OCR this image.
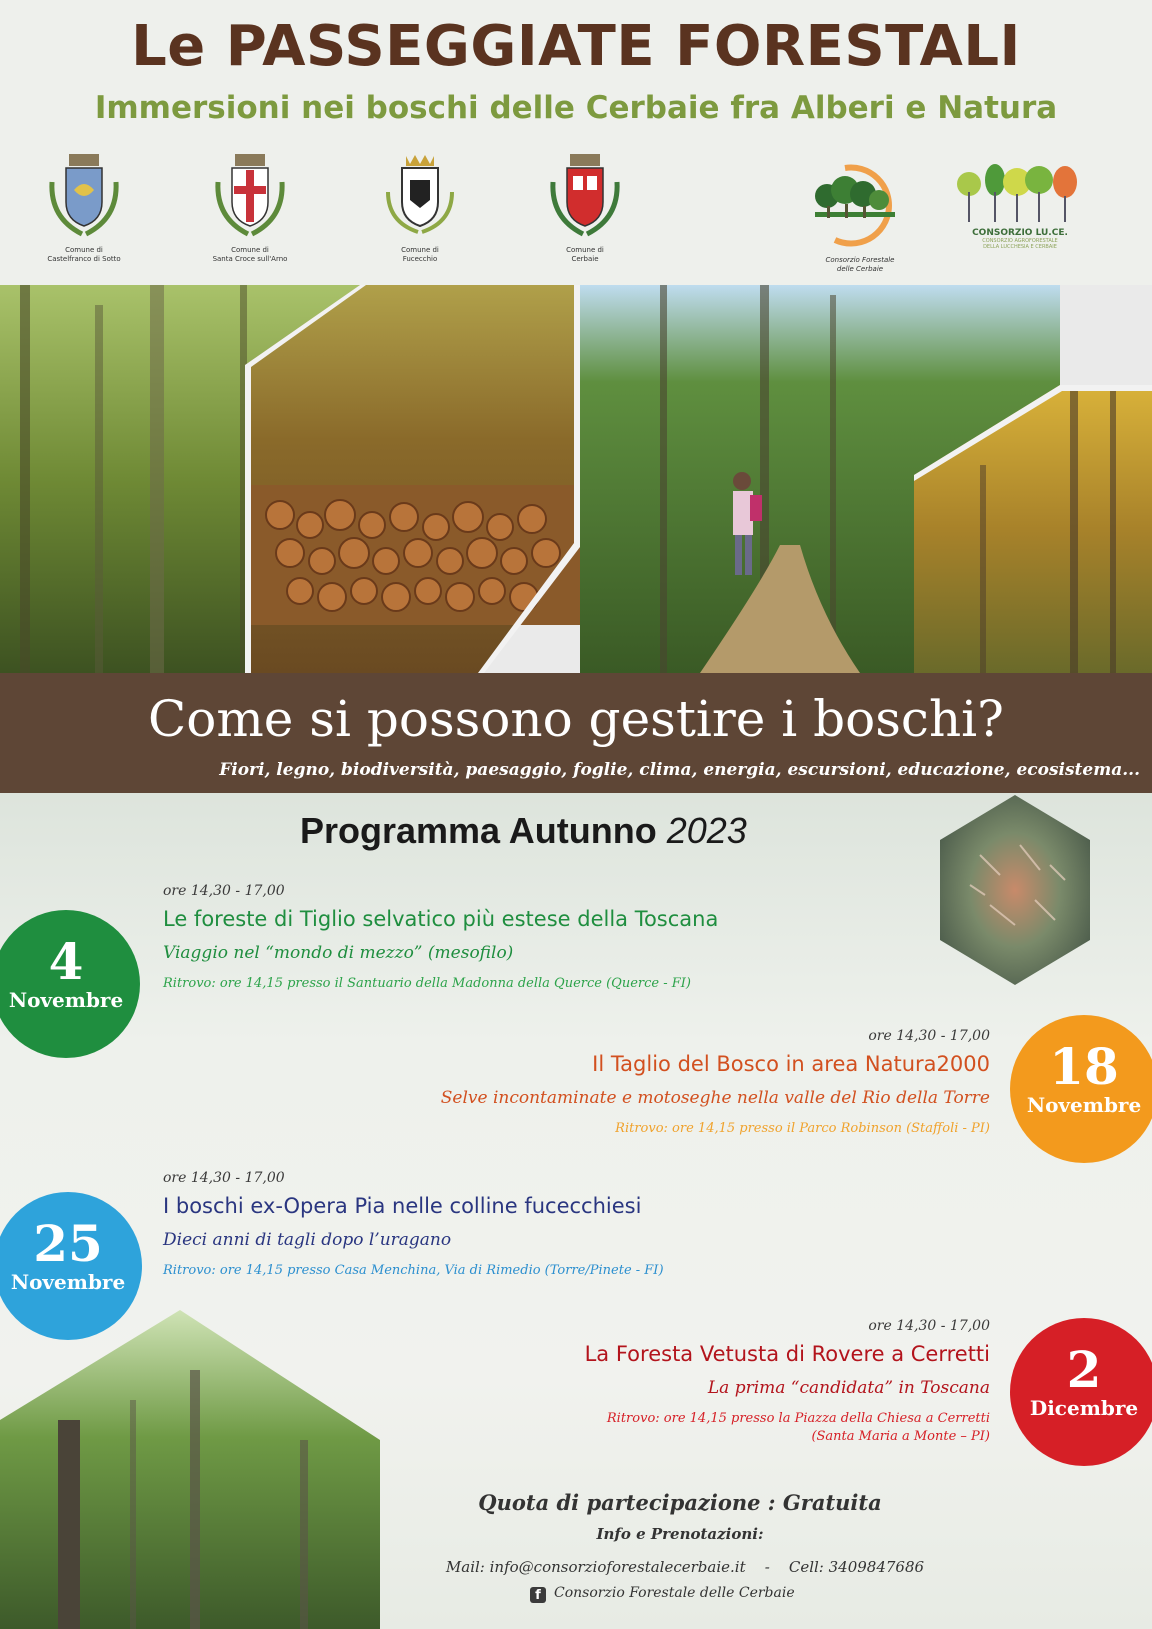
Le PASSEGGIATE FORESTALI
Immersioni nei boschi delle Cerbaie fra Alberi e Natura
Comune di
Castelfranco di Sotto
Comune di
Santa Croce sull'Arno
Comune di
Fucecchio
Comune di
Cerbaie	Consorzio Forestale
delle Cerbaie
CONSORZIO LU.CE.
CONSORZIO AGROFORESTALE
DELLA LUCCHESIA E CERBAIE
Come si possono gestire i boschi?
Fiori, legno, biodiversità, paesaggio, foglie, clima, energia, escursioni, educazione, ecosistema...
Programma Autunno 2023
4
Novembre
ore 14,30 - 17,00
Le foreste di Tiglio selvatico più estese della Toscana
Viaggio nel “mondo di mezzo” (mesofilo)
Ritrovo: ore 14,15 presso il Santuario della Madonna della Querce (Querce - FI)
18
Novembre
ore 14,30 - 17,00
Il Taglio del Bosco in area Natura2000
Selve incontaminate e motoseghe nella valle del Rio della Torre
Ritrovo: ore 14,15 presso il Parco Robinson (Staffoli - PI)
25
Novembre
ore 14,30 - 17,00
I boschi ex-Opera Pia nelle colline fucecchiesi
Dieci anni di tagli dopo l’uragano
Ritrovo: ore 14,15 presso Casa Menchina, Via di Rimedio (Torre/Pinete - FI)
2
Dicembre
ore 14,30 - 17,00
La Foresta Vetusta di Rovere a Cerretti
La prima “candidata” in Toscana
Ritrovo: ore 14,15 presso la Piazza della Chiesa a Cerretti
(Santa Maria a Monte – PI)
Quota di partecipazione : Gratuita
Info e Prenotazioni:
Mail: info@consorzioforestalecerbaie.it - Cell: 3409847686
f Consorzio Forestale delle Cerbaie
